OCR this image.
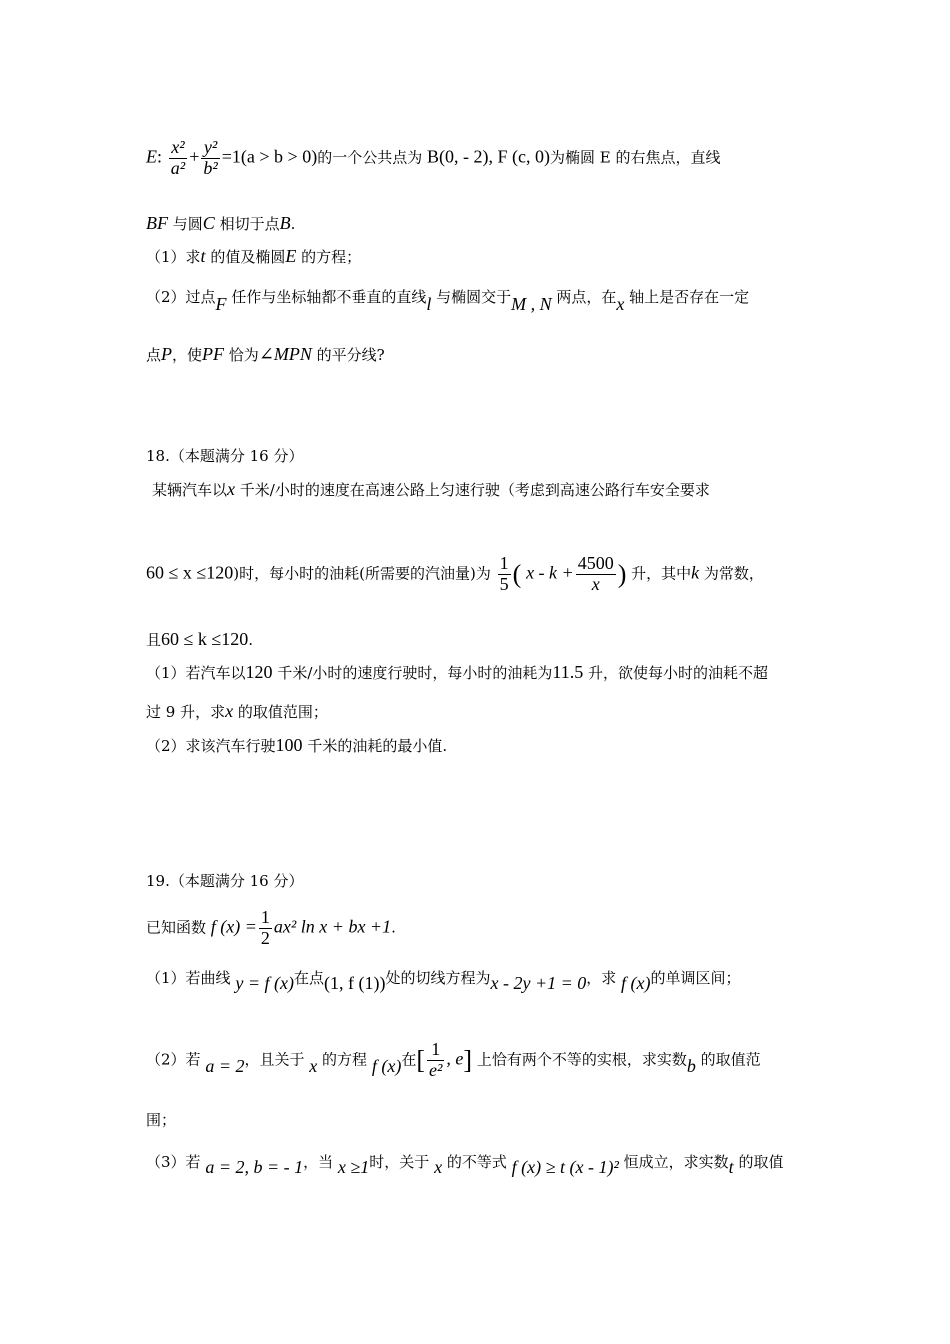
E: $\frac{\text{x²}}{\text{a²}} + \frac{\text{y²}}{\text{b²}} =1(a > b > 0)$的一个公共点为 B(0, - 2), F (c, 0)为椭圆 E 的右焦点，直线
BF 与圆C 相切于点B.
（1）求t 的值及椭圆E 的方程；
（2）过点F 任作与坐标轴都不垂直的直线l 与椭圆交于M , N 两点，在x 轴上是否存在一定
点P，使PF 恰为∠MPN 的平分线?
18.（本题满分 16 分）
某辆汽车以x 千米/小时的速度在高速公路上匀速行驶（考虑到高速公路行车安全要求
60 ≤ x ≤120)时，每小时的油耗(所需要的汽油量)为 $\frac{1}{5}$ ( $x - k + \frac{4500}{x}$ ) 升，其中k 为常数，
且60 ≤ k ≤120.
（1）若汽车以120 千米/小时的速度行驶时，每小时的油耗为11.5 升，欲使每小时的油耗不超
过 9 升，求x 的取值范围；
（2）求该汽车行驶100 千米的油耗的最小值.
19.（本题满分 16 分）
已知函数 f $(x) = \frac{1}{2} ax^2$ ln x + bx +1.
（1）若曲线 y = f (x)在点(1, f (1))处的切线方程为x - 2y +1 = 0，求 f (x)的单调区间；
（2）若 a = 2，且关于 x 的方程 f (x)在[ $\frac{1}{\text{e²}}$ , e] 上恰有两个不等的实根，求实数b 的取值范
围；
（3）若 a = 2, b = - 1，当 x ≥1时，关于 x 的不等式 f (x) ≥ t (x - 1)² 恒成立，求实数t 的取值
